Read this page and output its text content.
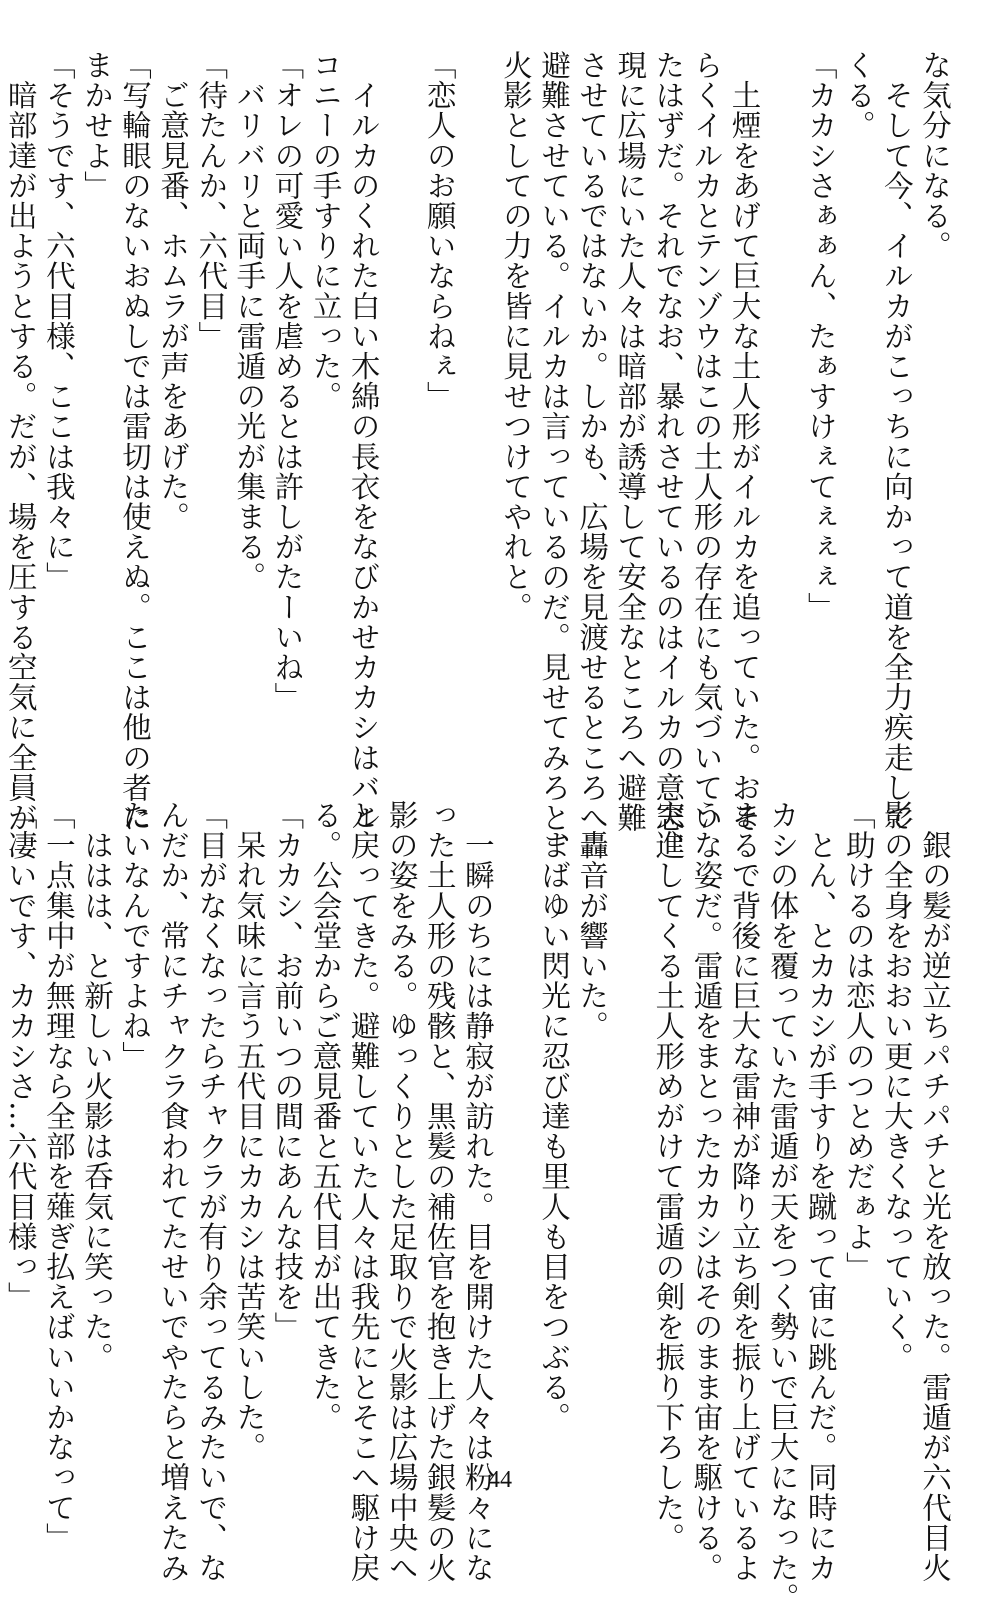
な気分になる。
　そして今、イルカがこっちに向かって道を全力疾走して
くる。
「カカシさぁぁん、たぁすけぇてぇぇぇ」

　土煙をあげて巨大な土人形がイルカを追っていた。おそ
らくイルカとテンゾウはこの土人形の存在にも気づいてい
たはずだ。それでなお、暴れさせているのはイルカの意志、
現に広場にいた人々は暗部が誘導して安全なところへ避難
させているではないか。しかも、広場を見渡せるところへ
避難させている。イルカは言っているのだ。見せてみろと、
火影としての力を皆に見せつけてやれと。

「恋人のお願いならねぇ」

　イルカのくれた白い木綿の長衣をなびかせカカシはバル
コニーの手すりに立った。
「オレの可愛い人を虐めるとは許しがたーいね」
　バリバリと両手に雷遁の光が集まる。
「待たんか、六代目」
　ご意見番、ホムラが声をあげた。
「写輪眼のないおぬしでは雷切は使えぬ。ここは他の者に
まかせよ」
「そうです、六代目様、ここは我々に」
　暗部達が出ようとする。だが、場を圧する空気に全員が
　銀の髪が逆立ちパチパチと光を放った。雷遁が六代目火
影の全身をおおい更に大きくなっていく。
「助けるのは恋人のつとめだぁよ」
　とん、とカカシが手すりを蹴って宙に跳んだ。同時にカ
カシの体を覆っていた雷遁が天をつく勢いで巨大になった。
まるで背後に巨大な雷神が降り立ち剣を振り上げているよ
うな姿だ。雷遁をまとったカカシはそのまま宙を駆ける。
突進してくる土人形めがけて雷遁の剣を振り下ろした。

　轟音が響いた。
　まばゆい閃光に忍び達も里人も目をつぶる。

　一瞬のちには静寂が訪れた。目を開けた人々は粉々にな
った土人形の残骸と、黒髪の補佐官を抱き上げた銀髪の火
影の姿をみる。ゆっくりとした足取りで火影は広場中央へ
と戻ってきた。避難していた人々は我先にとそこへ駆け戻
る。公会堂からご意見番と五代目が出てきた。
「カカシ、お前いつの間にあんな技を」
　呆れ気味に言う五代目にカカシは苦笑いした。
「目がなくなったらチャクラが有り余ってるみたいで、な
んだか、常にチャクラ食われてたせいでやたらと増えたみ
たいなんですよね」
　ははは、と新しい火影は呑気に笑った。
「一点集中が無理なら全部を薙ぎ払えばいいかなって」
「凄いです、カカシさ…六代目様っ」
44
